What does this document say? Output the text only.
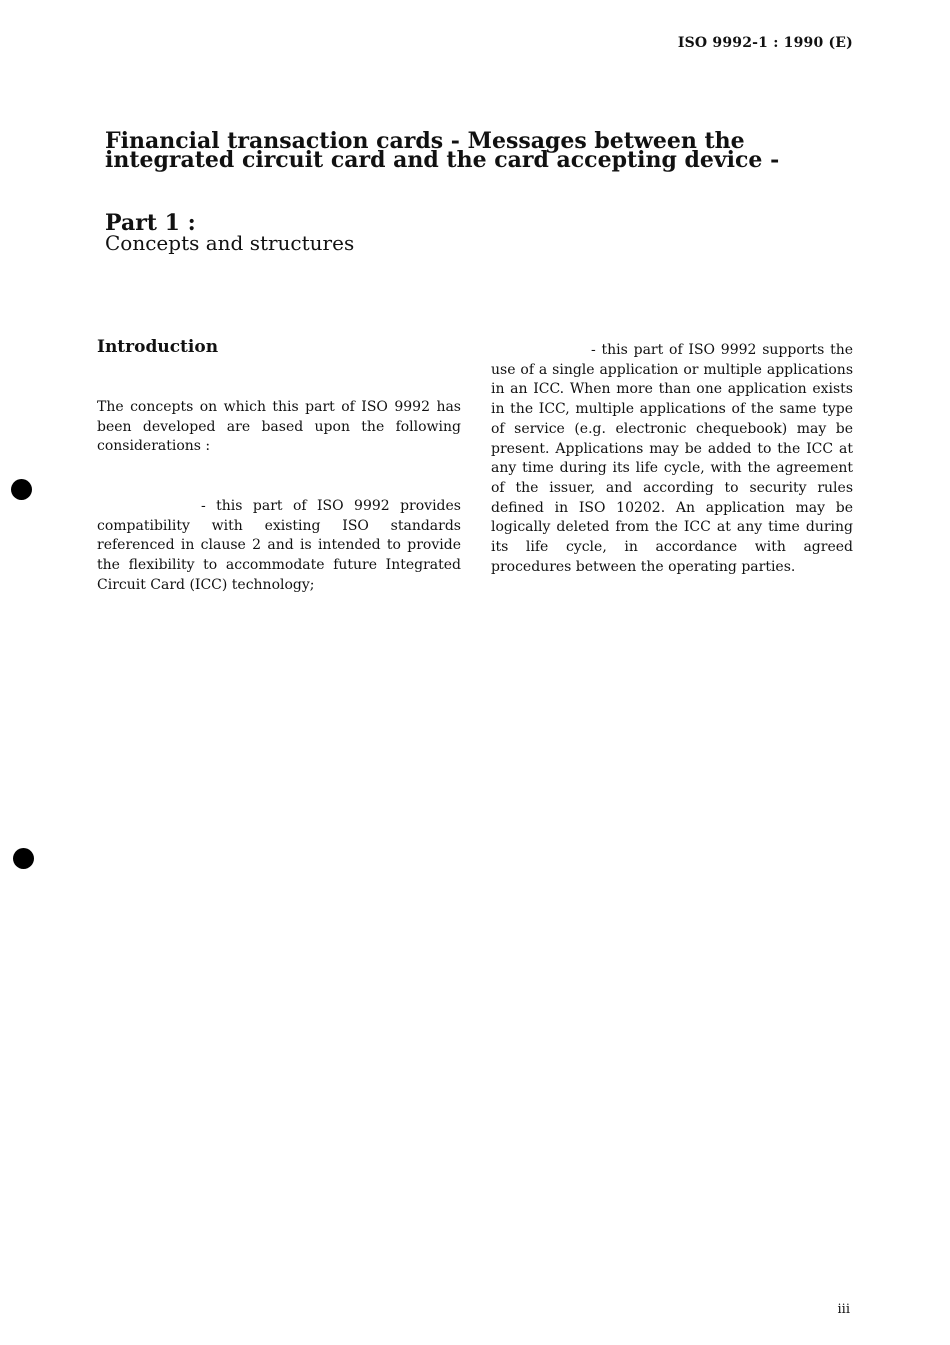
ISO 9992-1 : 1990 (E)
Financial transaction cards - Messages between the integrated circuit card and the card accepting device -
Part 1 :
Concepts and structures
Introduction

The concepts on which this part of ISO 9992 has been developed are based upon the following considerations :

- this part of ISO 9992 provides compatibility with existing ISO standards referenced in clause 2 and is intended to provide the flexibility to accommodate future Integrated Circuit Card (ICC) technology;

- this part of ISO 9992 supports the use of a single application or multiple applications in an ICC. When more than one application exists in the ICC, multiple applications of the same type of service (e.g. electronic chequebook) may be present. Applications may be added to the ICC at any time during its life cycle, with the agreement of the issuer, and according to security rules defined in ISO 10202. An application may be logically deleted from the ICC at any time during its life cycle, in accordance with agreed procedures between the operating parties.

iii
